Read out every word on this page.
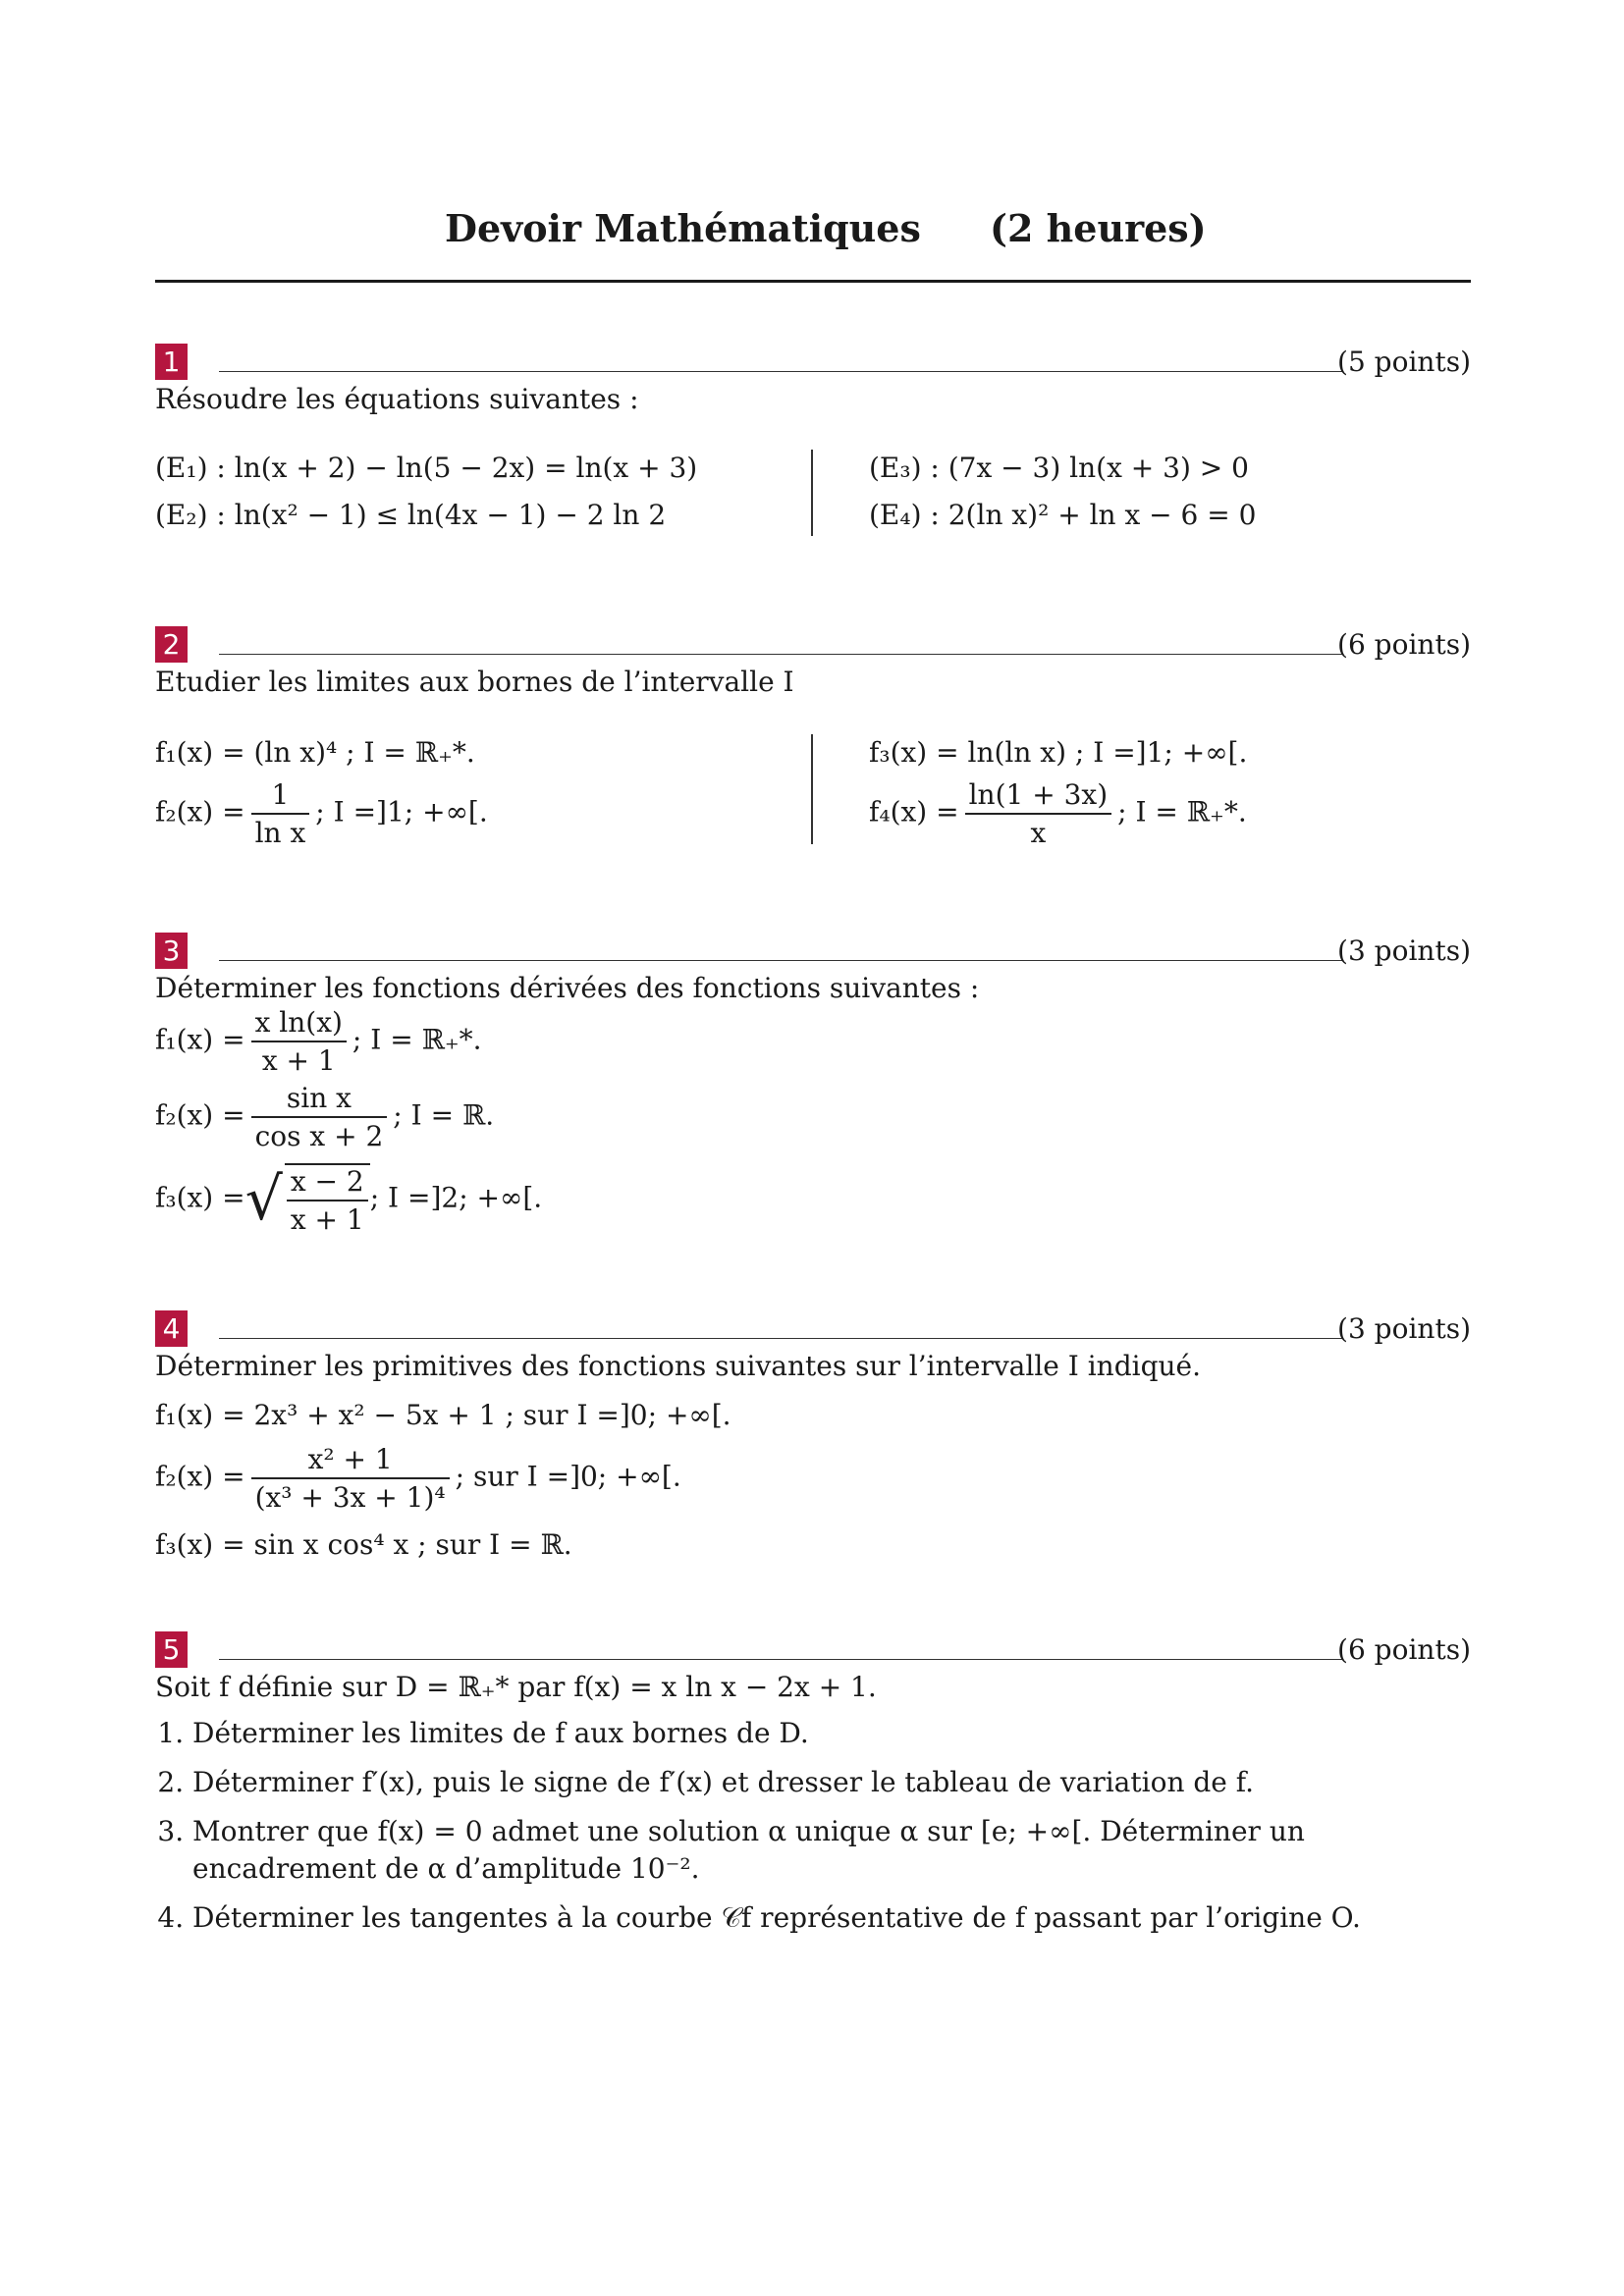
Devoir Mathématiques (2 heures)
1	(5 points)
Résoudre les équations suivantes :
(E₁) : ln(x + 2) − ln(5 − 2x) = ln(x + 3)
(E₂) : ln(x² − 1) ≤ ln(4x − 1) − 2 ln 2
(E₃) : (7x − 3) ln(x + 3) > 0
(E₄) : 2(ln x)² + ln x − 6 = 0
2	(6 points)
Etudier les limites aux bornes de l’intervalle I
f₁(x) = (ln x)⁴ ; I = ℝ₊*.
$f_2(x) = \frac{1}{\text{ln x}}$ ; I =]1; +∞[.
f₃(x) = ln(ln x) ; I =]1; +∞[.
$f_4(x) = \frac{\ln(1 + 3x)}{x}$ ; I = ℝ₊*.
3	(3 points)
Déterminer les fonctions dérivées des fonctions suivantes :
$f_1(x) = \frac{\text{x ln(x)}}{x + 1}$ ; I = ℝ₊*.
$f_2(x) = \frac{\text{sin x}}{\text{cos x + 2}}$ ; I = ℝ.
f₃(x) =√ $\frac{x - 2}{x + 1}$ ; I =]2; +∞[.
4	(3 points)
Déterminer les primitives des fonctions suivantes sur l’intervalle I indiqué.
f₁(x) = 2x³ + x² − 5x + 1 ; sur I =]0; +∞[.
$f_2(x) = \frac{\text{x² + 1}}{\text{(x³ + 3x + 1)⁴}}$ ; sur I =]0; +∞[.
f₃(x) = sin x cos⁴ x ; sur I = ℝ.
5	(6 points)
Soit f définie sur D = ℝ₊* par f(x) = x ln x − 2x + 1.
1. Déterminer les limites de f aux bornes de D.
2. Déterminer f′(x), puis le signe de f′(x) et dresser le tableau de variation de f.
3. Montrer que f(x) = 0 admet une solution α unique α sur [e; +∞[. Déterminer un encadrement de α d’amplitude 10⁻².
4. Déterminer les tangentes à la courbe 𝒞f représentative de f passant par l’origine O.
